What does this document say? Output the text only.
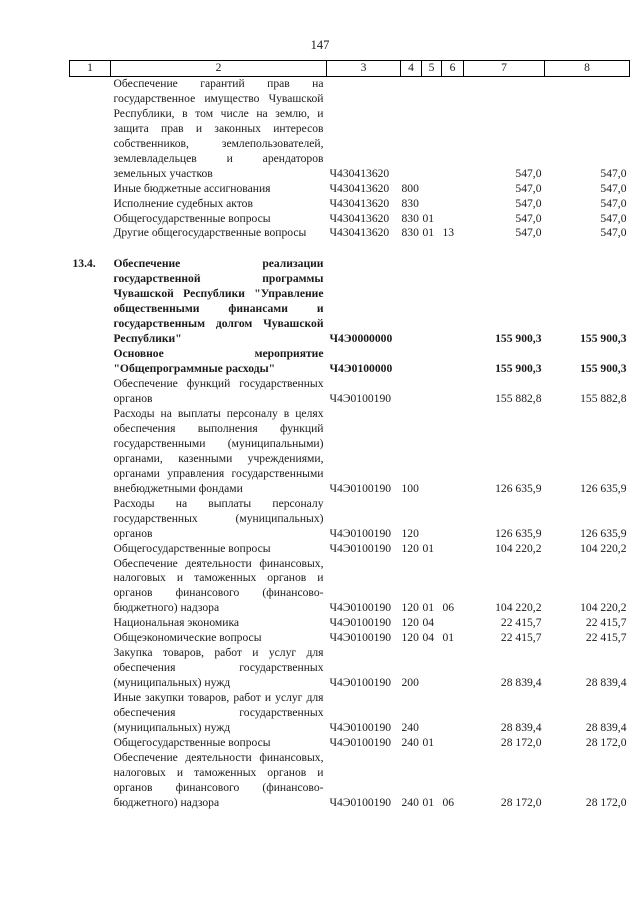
147
1	2	3	4	5	6	7	8
	Обеспечение гарантий прав на государственное имущество Чувашской Республики, в том числе на землю, и защита прав и законных интересов собственников, землепользователей, землевладельцев и арендаторов земельных участков	Ч430413620				547,0	547,0
	Иные бюджетные ассигнования	Ч430413620	800			547,0	547,0
	Исполнение судебных актов	Ч430413620	830			547,0	547,0
	Общегосударственные вопросы	Ч430413620	830	01		547,0	547,0
	Другие общегосударственные вопросы	Ч430413620	830	01	13	547,0	547,0

13.4.	Обеспечение реализации государственной программы Чувашской Республики "Управление общественными финансами и государственным долгом Чувашской Республики"	Ч4Э0000000				155 900,3	155 900,3
	Основное мероприятие "Общепрограммные расходы"	Ч4Э0100000				155 900,3	155 900,3
	Обеспечение функций государственных органов	Ч4Э0100190				155 882,8	155 882,8
	Расходы на выплаты персоналу в целях обеспечения выполнения функций государственными (муниципальными) органами, казенными учреждениями, органами управления государственными внебюджетными фондами	Ч4Э0100190	100			126 635,9	126 635,9
	Расходы на выплаты персоналу государственных (муниципальных) органов	Ч4Э0100190	120			126 635,9	126 635,9
	Общегосударственные вопросы	Ч4Э0100190	120	01		104 220,2	104 220,2
	Обеспечение деятельности финансовых, налоговых и таможенных органов и органов финансового (финансово-бюджетного) надзора	Ч4Э0100190	120	01	06	104 220,2	104 220,2
	Национальная экономика	Ч4Э0100190	120	04		22 415,7	22 415,7
	Общеэкономические вопросы	Ч4Э0100190	120	04	01	22 415,7	22 415,7
	Закупка товаров, работ и услуг для обеспечения государственных (муниципальных) нужд	Ч4Э0100190	200			28 839,4	28 839,4
	Иные закупки товаров, работ и услуг для обеспечения государственных (муниципальных) нужд	Ч4Э0100190	240			28 839,4	28 839,4
	Общегосударственные вопросы	Ч4Э0100190	240	01		28 172,0	28 172,0
	Обеспечение деятельности финансовых, налоговых и таможенных органов и органов финансового (финансово-бюджетного) надзора	Ч4Э0100190	240	01	06	28 172,0	28 172,0
